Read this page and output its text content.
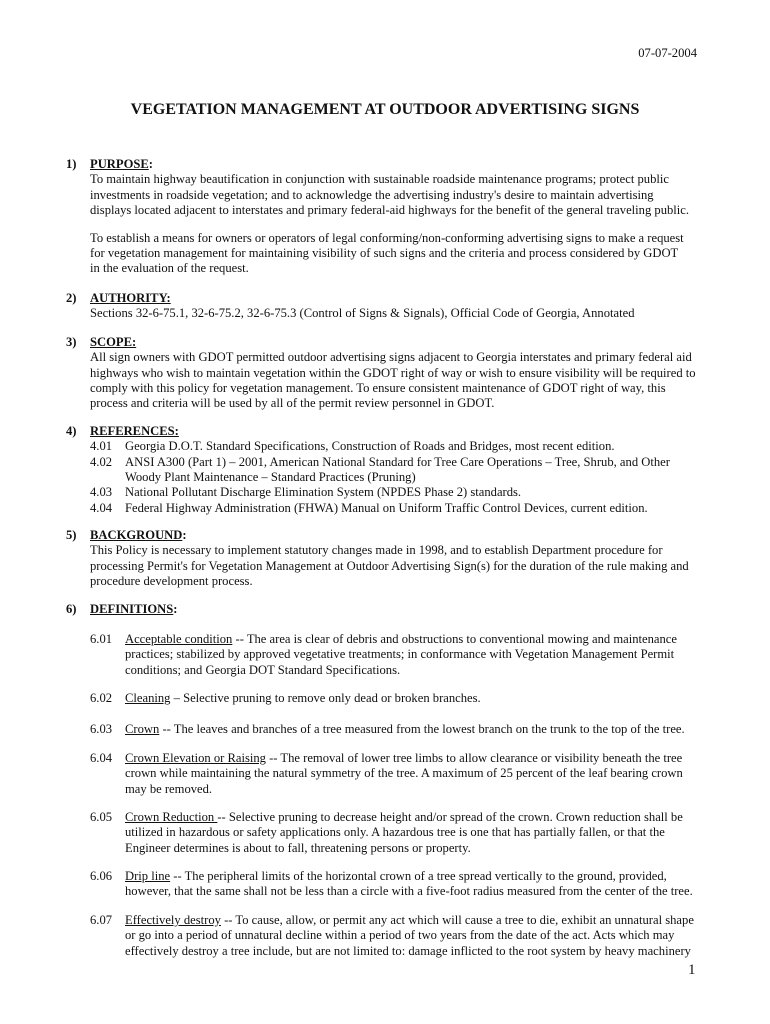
07-07-2004
VEGETATION MANAGEMENT AT OUTDOOR ADVERTISING SIGNS
1) PURPOSE:
To maintain highway beautification in conjunction with sustainable roadside maintenance programs; protect public
investments in roadside vegetation; and to acknowledge the advertising industry's desire to maintain advertising
displays located adjacent to interstates and primary federal-aid highways for the benefit of the general traveling public.
To establish a means for owners or operators of legal conforming/non-conforming advertising signs to make a request
for vegetation management for maintaining visibility of such signs and the criteria and process considered by GDOT
in the evaluation of the request.
2) AUTHORITY:
Sections 32-6-75.1, 32-6-75.2, 32-6-75.3 (Control of Signs & Signals), Official Code of Georgia, Annotated
3) SCOPE:
All sign owners with GDOT permitted outdoor advertising signs adjacent to Georgia interstates and primary federal aid
highways who wish to maintain vegetation within the GDOT right of way or wish to ensure visibility will be required to
comply with this policy for vegetation management. To ensure consistent maintenance of GDOT right of way, this
process and criteria will be used by all of the permit review personnel in GDOT.
4) REFERENCES:
4.01 Georgia D.O.T. Standard Specifications, Construction of Roads and Bridges, most recent edition.
4.02 ANSI A300 (Part 1) – 2001, American National Standard for Tree Care Operations – Tree, Shrub, and Other
Woody Plant Maintenance – Standard Practices (Pruning)
4.03 National Pollutant Discharge Elimination System (NPDES Phase 2) standards.
4.04 Federal Highway Administration (FHWA) Manual on Uniform Traffic Control Devices, current edition.
5) BACKGROUND:
This Policy is necessary to implement statutory changes made in 1998, and to establish Department procedure for
processing Permit's for Vegetation Management at Outdoor Advertising Sign(s) for the duration of the rule making and
procedure development process.
6) DEFINITIONS:
6.01 Acceptable condition -- The area is clear of debris and obstructions to conventional mowing and maintenance
practices; stabilized by approved vegetative treatments; in conformance with Vegetation Management Permit
conditions; and Georgia DOT Standard Specifications.
6.02 Cleaning – Selective pruning to remove only dead or broken branches.
6.03 Crown -- The leaves and branches of a tree measured from the lowest branch on the trunk to the top of the tree.
6.04 Crown Elevation or Raising -- The removal of lower tree limbs to allow clearance or visibility beneath the tree
crown while maintaining the natural symmetry of the tree. A maximum of 25 percent of the leaf bearing crown
may be removed.
6.05 Crown Reduction -- Selective pruning to decrease height and/or spread of the crown. Crown reduction shall be
utilized in hazardous or safety applications only. A hazardous tree is one that has partially fallen, or that the
Engineer determines is about to fall, threatening persons or property.
6.06 Drip line -- The peripheral limits of the horizontal crown of a tree spread vertically to the ground, provided,
however, that the same shall not be less than a circle with a five-foot radius measured from the center of the tree.
6.07 Effectively destroy -- To cause, allow, or permit any act which will cause a tree to die, exhibit an unnatural shape
or go into a period of unnatural decline within a period of two years from the date of the act. Acts which may
effectively destroy a tree include, but are not limited to: damage inflicted to the root system by heavy machinery
1
